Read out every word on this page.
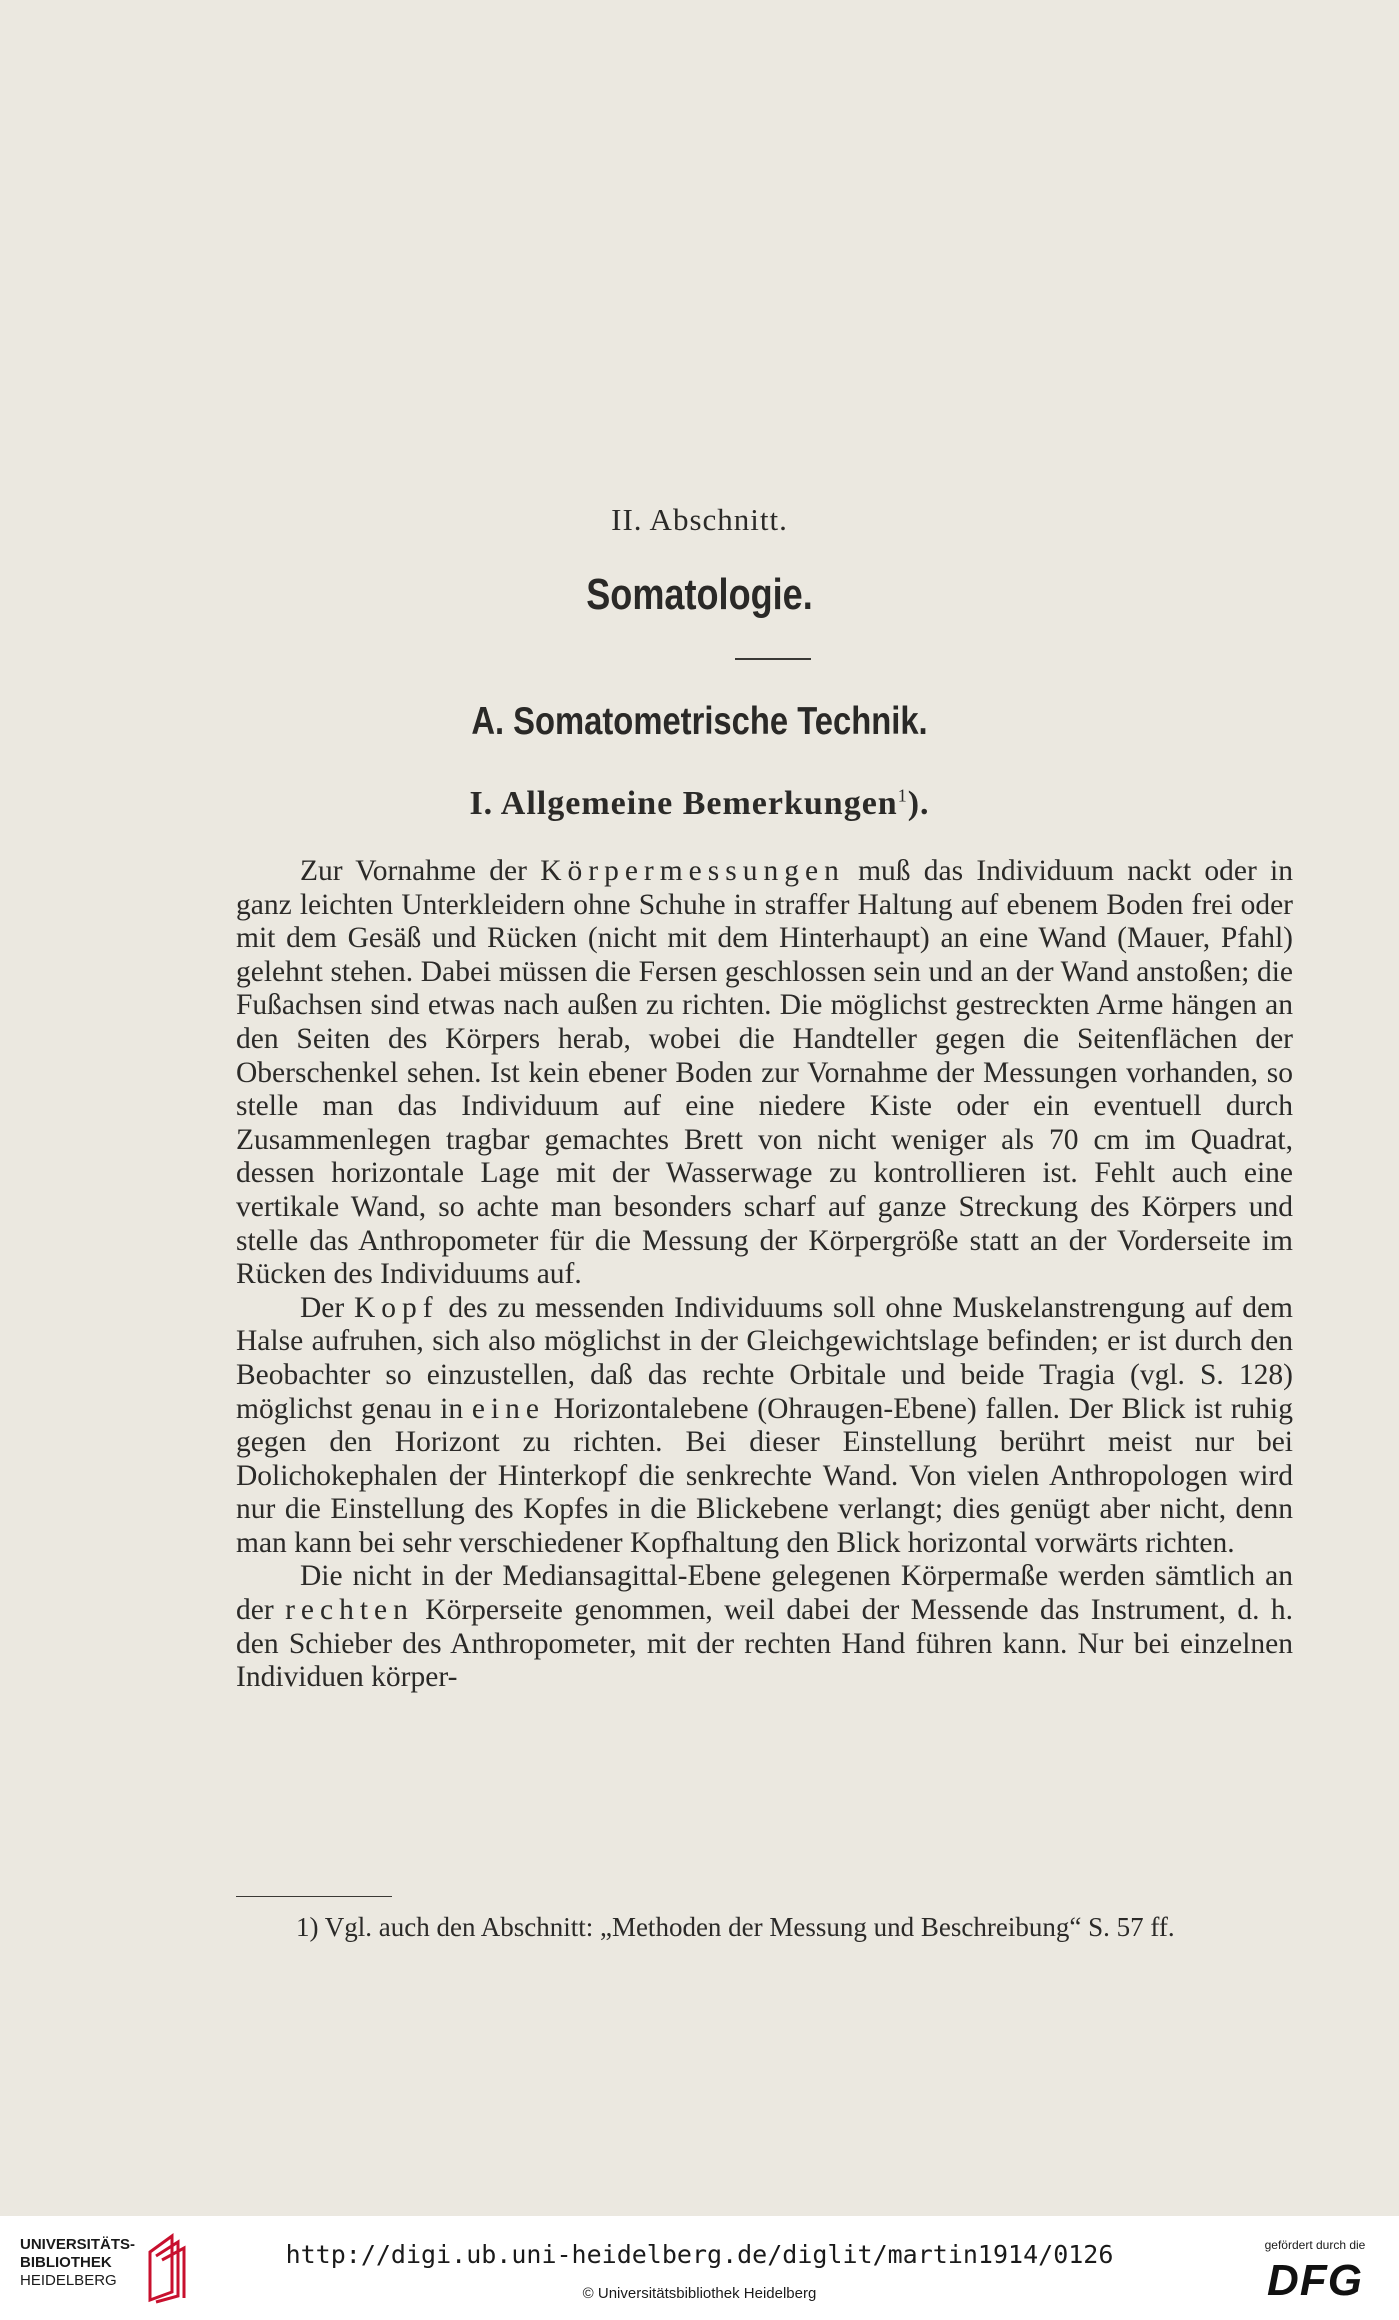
II. Abschnitt.
Somatologie.
A. Somatometrische Technik.
I. Allgemeine Bemerkungen$^1$).

Zur Vornahme der Körpermessungen muß das Individuum nackt oder in ganz leichten Unterkleidern ohne Schuhe in straffer Haltung auf ebenem Boden frei oder mit dem Gesäß und Rücken (nicht mit dem Hinterhaupt) an eine Wand (Mauer, Pfahl) gelehnt stehen. Dabei müssen die Fersen geschlossen sein und an der Wand anstoßen; die Fußachsen sind etwas nach außen zu richten. Die möglichst gestreckten Arme hängen an den Seiten des Körpers herab, wobei die Handteller gegen die Seitenflächen der Oberschenkel sehen. Ist kein ebener Boden zur Vornahme der Messungen vorhanden, so stelle man das Individuum auf eine niedere Kiste oder ein eventuell durch Zusammenlegen tragbar gemachtes Brett von nicht weniger als 70 cm im Quadrat, dessen horizontale Lage mit der Wasserwage zu kontrollieren ist. Fehlt auch eine vertikale Wand, so achte man besonders scharf auf ganze Streckung des Körpers und stelle das Anthropometer für die Messung der Körpergröße statt an der Vorderseite im Rücken des Individuums auf.

Der Kopf des zu messenden Individuums soll ohne Muskelanstrengung auf dem Halse aufruhen, sich also möglichst in der Gleichgewichtslage befinden; er ist durch den Beobachter so einzustellen, daß das rechte Orbitale und beide Tragia (vgl. S. 128) möglichst genau in eine Horizontalebene (Ohraugen-Ebene) fallen. Der Blick ist ruhig gegen den Horizont zu richten. Bei dieser Einstellung berührt meist nur bei Dolichokephalen der Hinterkopf die senkrechte Wand. Von vielen Anthropologen wird nur die Einstellung des Kopfes in die Blickebene verlangt; dies genügt aber nicht, denn man kann bei sehr verschiedener Kopfhaltung den Blick horizontal vorwärts richten.

Die nicht in der Mediansagittal-Ebene gelegenen Körpermaße werden sämtlich an der rechten Körperseite genommen, weil dabei der Messende das Instrument, d. h. den Schieber des Anthropometer, mit der rechten Hand führen kann. Nur bei einzelnen Individuen körper-

1) Vgl. auch den Abschnitt: „Methoden der Messung und Beschreibung“ S. 57 ff.

UNIVERSITÄTS-
BIBLIOTHEK
HEIDELBERG
http://digi.ub.uni-heidelberg.de/diglit/martin1914/0126
© Universitätsbibliothek Heidelberg
gefördert durch die
DFG
